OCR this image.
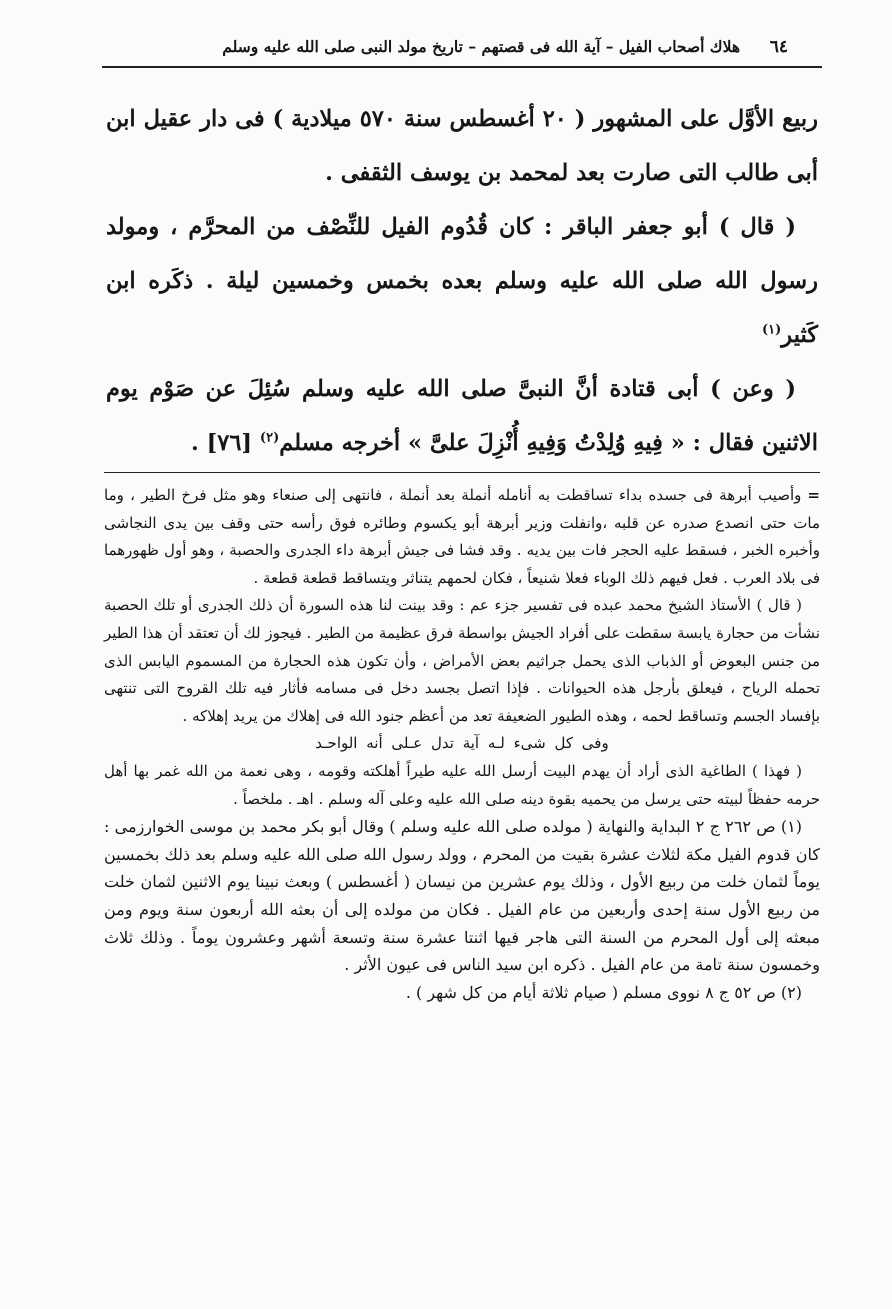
٦٤
هلاك أصحاب الفيل – آية الله فى قصتهم – تاريخ مولد النبى صلى الله عليه وسلم

ربيع الأوَّل على المشهور ( ٢٠ أغسطس سنة ٥٧٠ ميلادية ) فى دار عقيل ابن أبى طالب التى صارت بعد لمحمد بن يوسف الثقفى .

( قال ) أبو جعفر الباقر : كان قُدُوم الفيل للنِّصْف من المحرَّم ، ومولد رسول الله صلى الله عليه وسلم بعده بخمس وخمسين ليلة . ذكَره ابن كَثير$^{(١)}$

( وعن ) أبى قتادة أنَّ النبىَّ صلى الله عليه وسلم سُئِلَ عن صَوْم يوم الاثنين فقال : « فِيهِ وُلِدْتُ وَفِيهِ أُنْزِلَ علىَّ » أخرجه مسلم$^{(٢)}$ [٧٦] .

=وأصيب أبرهة فى جسده بداء تساقطت به أنامله أنملة بعد أنملة ، فانتهى إلى صنعاء وهو مثل فرخ الطير ، وما مات حتى انصدع صدره عن قلبه ،وانفلت وزير أبرهة أبو يكسوم وطائره فوق رأسه حتى وقف بين يدى النجاشى وأخبره الخبر ، فسقط عليه الحجر فات بين يديه . وقد فشا فى جيش أبرهة داء الجدرى والحصبة ، وهو أول ظهورهما فى بلاد العرب . فعل فيهم ذلك الوباء فعلا شنيعاً ، فكان لحمهم يتناثر ويتساقط قطعة قطعة .

( قال ) الأستاذ الشيخ محمد عبده فى تفسير جزء عم : وقد بينت لنا هذه السورة أن ذلك الجدرى أو تلك الحصبة نشأت من حجارة يابسة سقطت على أفراد الجيش بواسطة فرق عظيمة من الطير . فيجوز لك أن تعتقد أن هذا الطير من جنس البعوض أو الذباب الذى يحمل جراثيم بعض الأمراض ، وأن تكون هذه الحجارة من المسموم اليابس الذى تحمله الرياح ، فيعلق بأرجل هذه الحيوانات . فإذا اتصل بجسد دخل فى مسامه فأثار فيه تلك القروح التى تنتهى بإفساد الجسم وتساقط لحمه ، وهذه الطيور الضعيفة تعد من أعظم جنود الله فى إهلاك من يريد إهلاكه .

وفى كل شىء لـه آية تدل عـلى أنه الواحـد

( فهذا ) الطاغية الذى أراد أن يهدم البيت أرسل الله عليه طيراً أهلكته وقومه ، وهى نعمة من الله غمر بها أهل حرمه حفظاً لبيته حتى يرسل من يحميه بقوة دينه صلى الله عليه وعلى آله وسلم . اهـ . ملخصاً .

(١) ص ٢٦٢ ج ٢ البداية والنهاية ( مولده صلى الله عليه وسلم ) وقال أبو بكر محمد بن موسى الخوارزمى : كان قدوم الفيل مكة لثلاث عشرة بقيت من المحرم ، وولد رسول الله صلى الله عليه وسلم بعد ذلك بخمسين يوماً لثمان خلت من ربيع الأول ، وذلك يوم عشرين من نيسان ( أغسطس ) وبعث نبينا يوم الاثنين لثمان خلت من ربيع الأول سنة إحدى وأربعين من عام الفيل . فكان من مولده إلى أن بعثه الله أربعون سنة ويوم ومن مبعثه إلى أول المحرم من السنة التى هاجر فيها اثنتا عشرة سنة وتسعة أشهر وعشرون يوماً . وذلك ثلاث وخمسون سنة تامة من عام الفيل . ذكره ابن سيد الناس فى عيون الأثر .

(٢) ص ٥٢ ج ٨ نووى مسلم ( صيام ثلاثة أيام من كل شهر ) .
